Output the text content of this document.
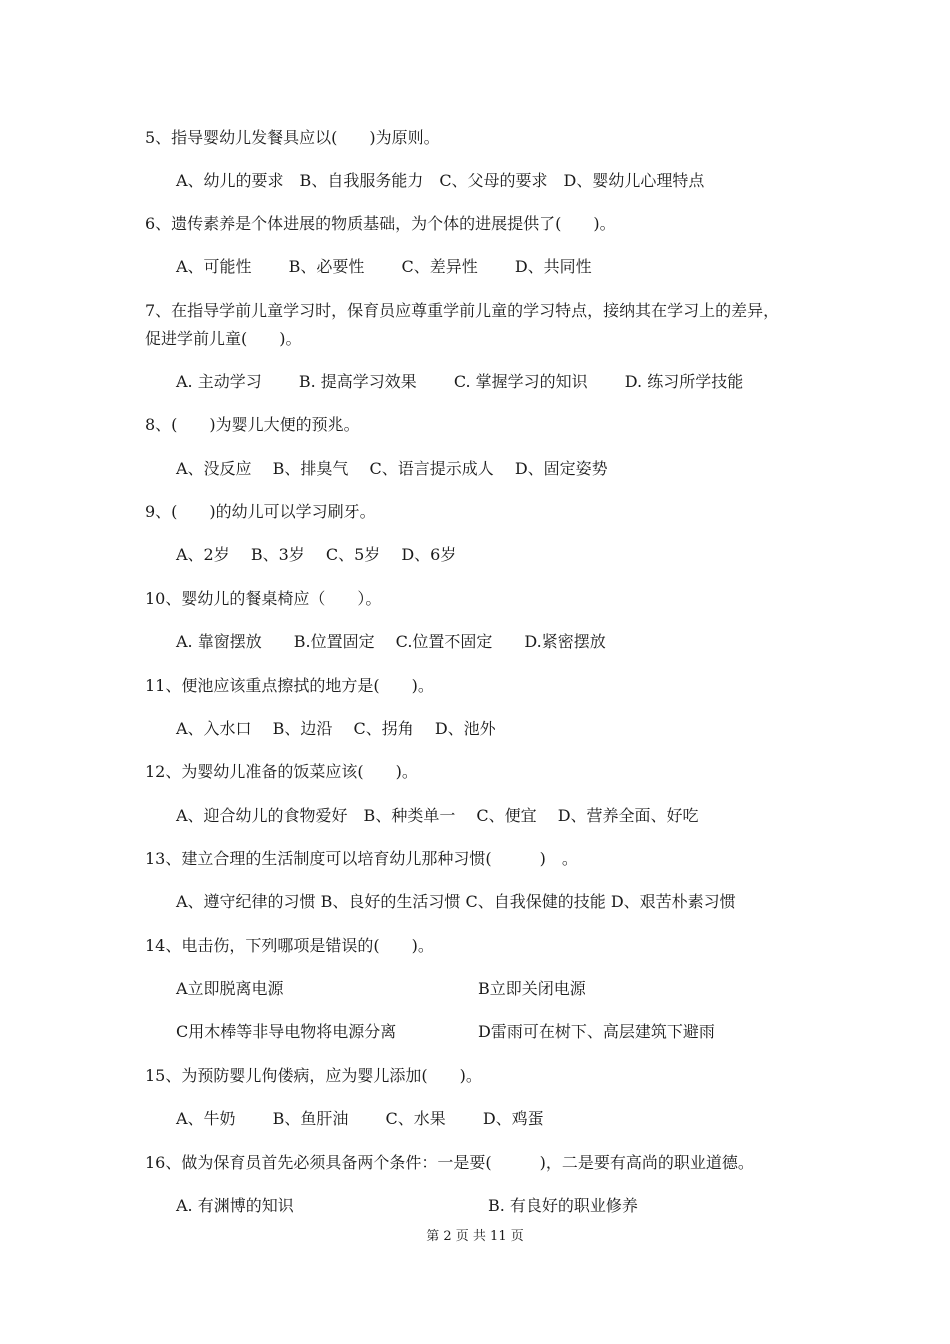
5、指导婴幼儿发餐具应以(　　)为原则。
A、幼儿的要求　B、自我服务能力　C、父母的要求　D、婴幼儿心理特点
6、遗传素养是个体进展的物质基础，为个体的进展提供了(　　)。
A、可能性　　 B、必要性　　 C、差异性　　 D、共同性
7、在指导学前儿童学习时，保育员应尊重学前儿童的学习特点，接纳其在学习上的差异，
促进学前儿童(　　)。
A. 主动学习　　 B. 提高学习效果　　 C. 掌握学习的知识　　 D. 练习所学技能
8、(　　)为婴儿大便的预兆。
A、没反应　 B、排臭气　 C、语言提示成人　 D、固定姿势
9、(　　)的幼儿可以学习刷牙。
A、2岁　 B、3岁　 C、5岁　 D、6岁
10、婴幼儿的餐桌椅应（　　）。
A. 靠窗摆放　　B.位置固定　 C.位置不固定　　D.紧密摆放
11、便池应该重点擦拭的地方是(　　)。
A、入水口　 B、边沿　 C、拐角　 D、池外
12、为婴幼儿准备的饭菜应该(　　)。
A、迎合幼儿的食物爱好　B、种类单一　 C、便宜　 D、营养全面、好吃
13、建立合理的生活制度可以培育幼儿那种习惯(　　　)　。
A、遵守纪律的习惯 B、良好的生活习惯 C、自我保健的技能 D、艰苦朴素习惯
14、电击伤，下列哪项是错误的(　　)。
A立即脱离电源	B立即关闭电源
C用木棒等非导电物将电源分离	D雷雨可在树下、高层建筑下避雨
15、为预防婴儿佝偻病，应为婴儿添加(　　)。
A、牛奶　　 B、鱼肝油　　 C、水果　　 D、鸡蛋
16、做为保育员首先必须具备两个条件：一是要(　　　)，二是要有高尚的职业道德。
A. 有渊博的知识	B. 有良好的职业修养
第 2 页 共 11 页
